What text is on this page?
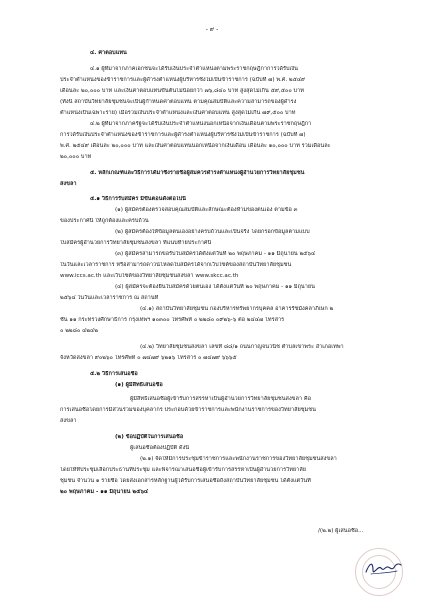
- ๙ -
๔. ค่าตอบแทน
๔.๑ ผู้ที่มาจากภาคเอกชนจะได้รับเงินประจำตำแหน่งตามพระราชกฤษฎีกาการได้รับเงิน
ประจำตำแหน่งของข้าราชการและผู้ดำรงตำแหน่งผู้บริหารซึ่งไม่เป็นข้าราชการ (ฉบับที่ ๗) พ.ศ. ๒๕๔๙
เดือนละ ๒๐,๐๐๐ บาท และเงินค่าตอบแทนขั้นต้นไม่น้อยกว่า ๗๖,๘๔๐ บาท สูงสุดไม่เกิน ๕๙,๕๐๐ บาท
(ทั้งนี้ สถาบันวิทยาลัยชุมชนจะเป็นผู้กำหนดค่าตอบแทน ตามคุณสมบัติและความสามารถของผู้ดำรง
ตำแหน่งเป็นเฉพาะราย) เมื่อรวมเงินประจำตำแหน่งและเงินค่าตอบแทน สูงสุดไม่เกิน ๗๙,๕๐๐ บาท
๔.๒ ผู้ที่มาจากภาครัฐจะได้รับเงินประจำตำแหน่งนอกเหนือจากเงินเดือนตามพระราชกฤษฎีกา
การได้รับเงินประจำตำแหน่งของข้าราชการและผู้ดำรงตำแหน่งผู้บริหารซึ่งไม่เป็นข้าราชการ (ฉบับที่ ๗)
พ.ศ. ๒๕๔๙ เดือนละ ๒๐,๐๐๐ บาท และเงินค่าตอบแทนนอกเหนือจากเงินเดือน เดือนละ ๑๐,๐๐๐ บาท รวมเดือนละ
๒๐,๐๐๐ บาท
๕. หลักเกณฑ์และวิธีการได้มาซึ่งรายชื่อผู้สมควรดำรงตำแหน่งผู้อำนวยการวิทยาลัยชุมชน
สงขลา
๕.๑ วิธีการรับสมัคร มีขั้นตอนดังต่อไปนี้
(๑) ผู้สมัครต้องตรวจสอบคุณสมบัติและลักษณะต้องห้ามของตนเอง ตามข้อ ๓
ของประกาศนี้ ให้ถูกต้องและครบถ้วน
(๒) ผู้สมัครต้องให้ข้อมูลตนเองอย่างครบถ้วนและเป็นจริง โดยกรอกข้อมูลตามแบบ
ใบสมัครผู้อำนวยการวิทยาลัยชุมชนสงขลา ที่แนบท้ายประกาศนี้
(๓) ผู้สมัครสามารถขอรับใบสมัครได้ตั้งแต่วันที่ ๒๐ พฤษภาคม - ๑๑ มิถุนายน ๒๕๖๔
ในวันและเวลาราชการ หรือสามารถดาวน์โหลดใบสมัครได้จากเว็บไซต์ของสถาบันวิทยาลัยชุมชน
www.iccs.ac.th และเว็บไซต์ของวิทยาลัยชุมชนสงขลา www.skcc.ac.th
(๔) ผู้สมัครจะต้องยื่นใบสมัครด้วยตนเอง ได้ตั้งแต่วันที่ ๒๐ พฤษภาคม - ๑๑ มิถุนายน
๒๕๖๔ ในวันและเวลาราชการ ณ สถานที่
(๔.๑) สถาบันวิทยาลัยชุมชน กองบริหารทรัพยากรบุคคล อาคารรัชมังคลาภิเษก ๒
ชั้น ๑๑ กระทรวงศึกษาธิการ กรุงเทพฯ ๑๐๓๐๐ โทรศัพท์ ๐ ๒๒๘๐ ๐๙๒๖-๖ ต่อ ๒๔๔๗ โทรสาร
๐ ๒๒๘๐ ๔๒๔๒
(๔.๒) วิทยาลัยชุมชนสงขลา เลขที่ ๘๘/๑ ถนนกาญจนวนิช ตำบลเขาพระ อำเภอเทพา
จังหวัดสงขลา ๙๐๒๖๐ โทรศัพท์ ๐ ๗๔๗๙ ๖๒๑๖ โทรสาร ๐ ๗๔๗๙ ๖๖๖๕
๕.๒ วิธีการเสนอชื่อ
(๑) ผู้มีสิทธิ์เสนอชื่อ
ผู้มีสิทธิ์เสนอชื่อผู้เข้ารับการสรรหาเป็นผู้อำนวยการวิทยาลัยชุมชนสงขลา คือ
การเสนอชื่อโดยการมีส่วนร่วมของบุคลากร ประกอบด้วยข้าราชการและพนักงานราชการของวิทยาลัยชุมชน
สงขลา
(๒) ข้อปฏิบัติในการเสนอชื่อ
ผู้เสนอชื่อต้องปฏิบัติ ดังนี้
(๒.๑) จัดให้มีการประชุมข้าราชการและพนักงานราชการของวิทยาลัยชุมชนสงขลา
โดยให้ที่ประชุมเลือกประธานที่ประชุม และพิจารณาเสนอชื่อผู้เข้ารับการสรรหาเป็นผู้อำนวยการวิทยาลัย
ชุมชน จำนวน ๑ รายชื่อ โดยส่งเอกสารหลักฐานผู้ได้รับการเสนอชื่อถึงสถาบันวิทยาลัยชุมชน ได้ตั้งแต่วันที่
๒๐ พฤษภาคม - ๑๑ มิถุนายน ๒๕๖๔
/(๒.๒) ผู้เสนอชื่อ...
